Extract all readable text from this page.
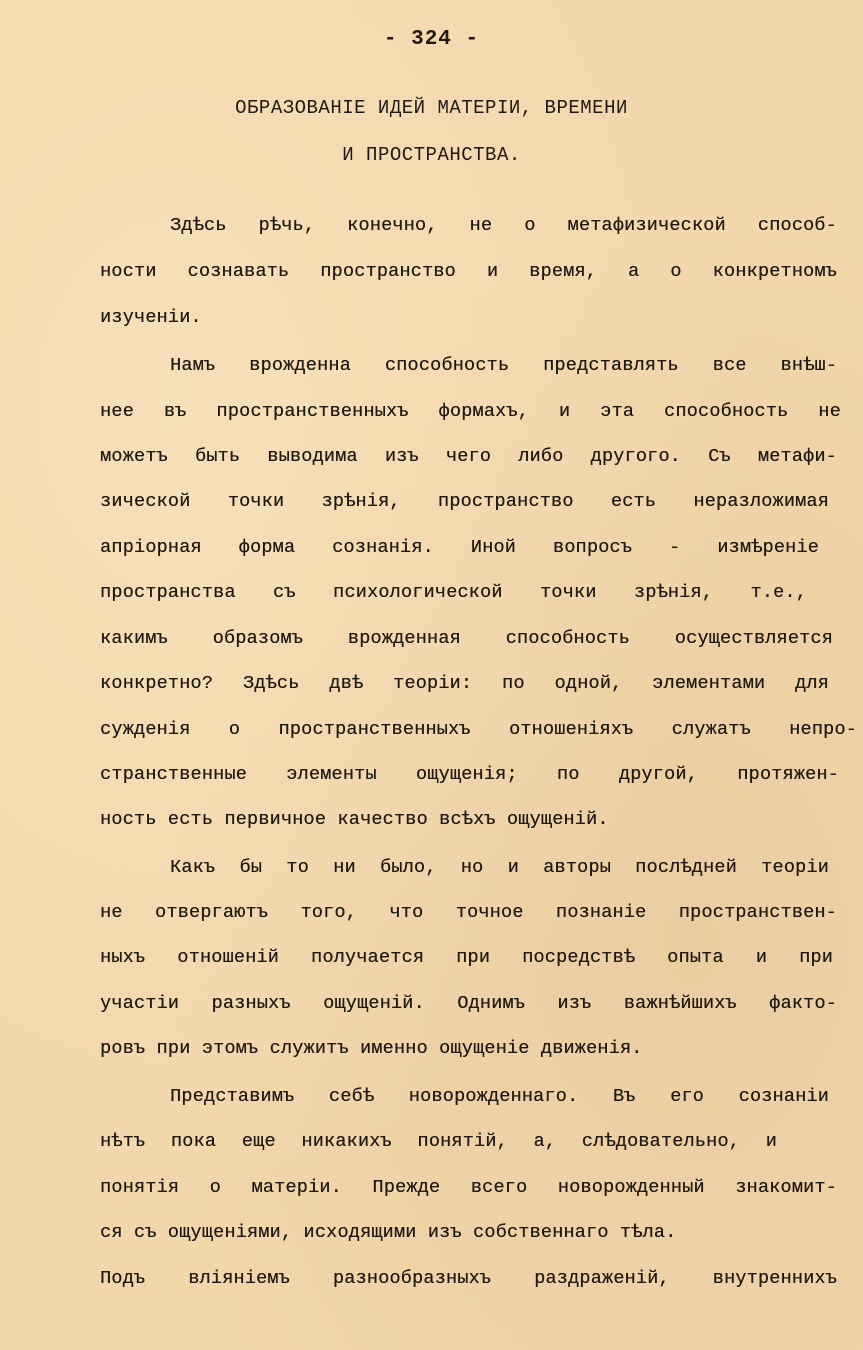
- 324 -
ОБРАЗОВАНІЕ ИДЕЙ МАТЕРІИ, ВРЕМЕНИ
И ПРОСТРАНСТВА.
Здѣсь рѣчь, конечно, не о метафизической способ-
ности сознавать пространство и время, а о конкретномъ
изученіи.
Намъ врожденна способность представлять все внѣш-
нее въ пространственныхъ формахъ, и эта способность не
можетъ быть выводима изъ чего либо другого. Съ метафи-
зической точки зрѣнія, пространство есть неразложимая
апріорная форма сознанія. Иной вопросъ - измѣреніе
пространства съ психологической точки зрѣнія, т.е.,
какимъ образомъ врожденная способность осуществляется
конкретно? Здѣсь двѣ теоріи: по одной, элементами для
сужденія о пространственныхъ отношеніяхъ служатъ непро-
странственные элементы ощущенія; по другой, протяжен-
ность есть первичное качество всѣхъ ощущеній.
Какъ бы то ни было, но и авторы послѣдней теоріи
не отвергаютъ того, что точное познаніе пространствен-
ныхъ отношеній получается при посредствѣ опыта и при
участіи разныхъ ощущеній. Однимъ изъ важнѣйшихъ факто-
ровъ при этомъ служитъ именно ощущеніе движенія.
Представимъ себѣ новорожденнаго. Въ его сознаніи
нѣтъ пока еще никакихъ понятій, а, слѣдовательно, и
понятія о матеріи. Прежде всего новорожденный знакомит-
ся съ ощущеніями, исходящими изъ собственнаго тѣла.
Подъ вліяніемъ разнообразныхъ раздраженій, внутреннихъ
